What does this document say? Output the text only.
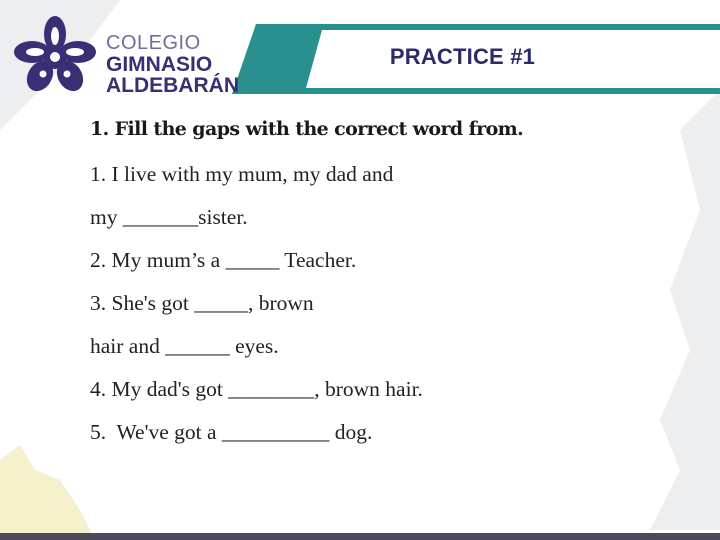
PRACTICE #1
COLEGIO
GIMNASIO
ALDEBARÁN
1. Fill the gaps with the correct word from.
1. I live with my mum, my dad and
my _______sister.
2. My mum’s a _____ Teacher.
3. She's got _____, brown
hair and ______ eyes.
4. My dad's got ________, brown hair.
5.  We've got a __________ dog.
